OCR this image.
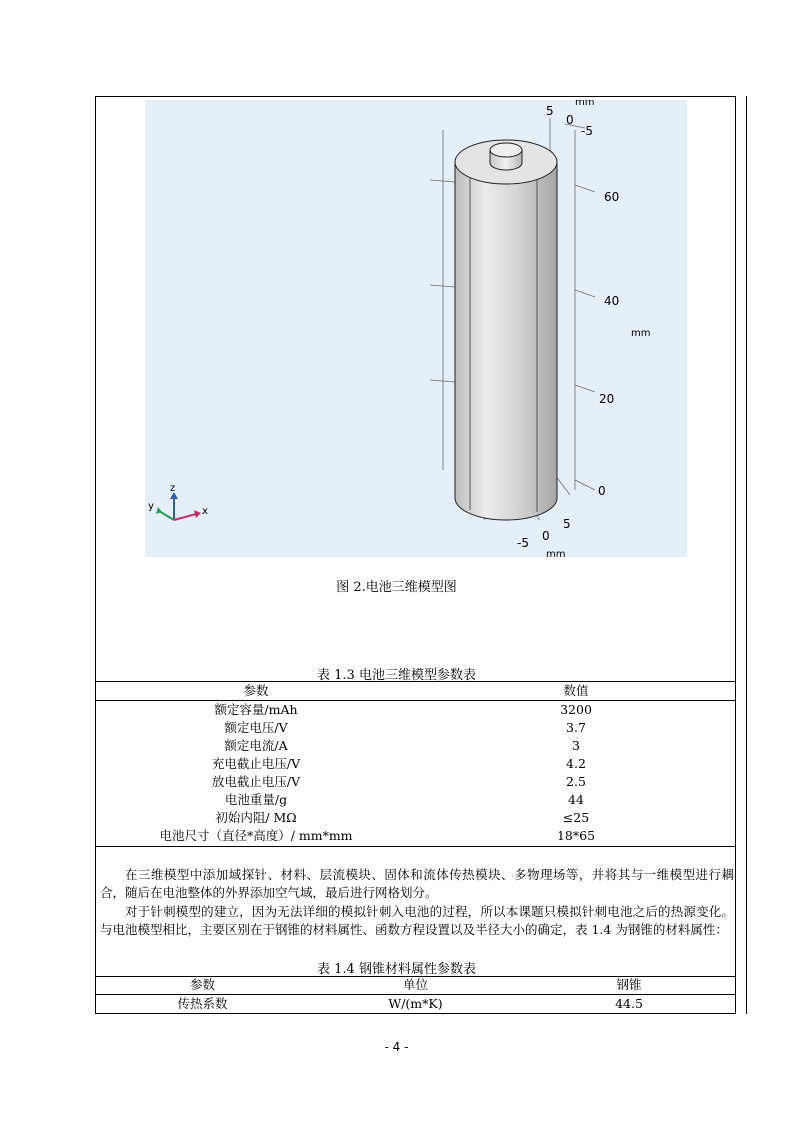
mm
5
0
-5
60
40
mm
20
0
5
0
-5
mm
z
y	x
图 2.电池三维模型图
表 1.3 电池三维模型参数表
参数	数值
额定容量/mAh	3200
额定电压/V	3.7
额定电流/A	3
充电截止电压/V	4.2
放电截止电压/V	2.5
电池重量/g	44
初始内阻/ MΩ	≤25
电池尺寸（直径*高度）/ mm*mm	18*65
在三维模型中添加域探针、材料、层流模块、固体和流体传热模块、多物理场等，并将其与一维模型进行耦合，随后在电池整体的外界添加空气域，最后进行网格划分。
对于针刺模型的建立，因为无法详细的模拟针刺入电池的过程，所以本课题只模拟针刺电池之后的热源变化。与电池模型相比，主要区别在于钢锥的材料属性、函数方程设置以及半径大小的确定，表 1.4 为钢锥的材料属性：
表 1.4 钢锥材料属性参数表
参数	单位	钢锥
传热系数	W/(m*K)	44.5
- 4 -
